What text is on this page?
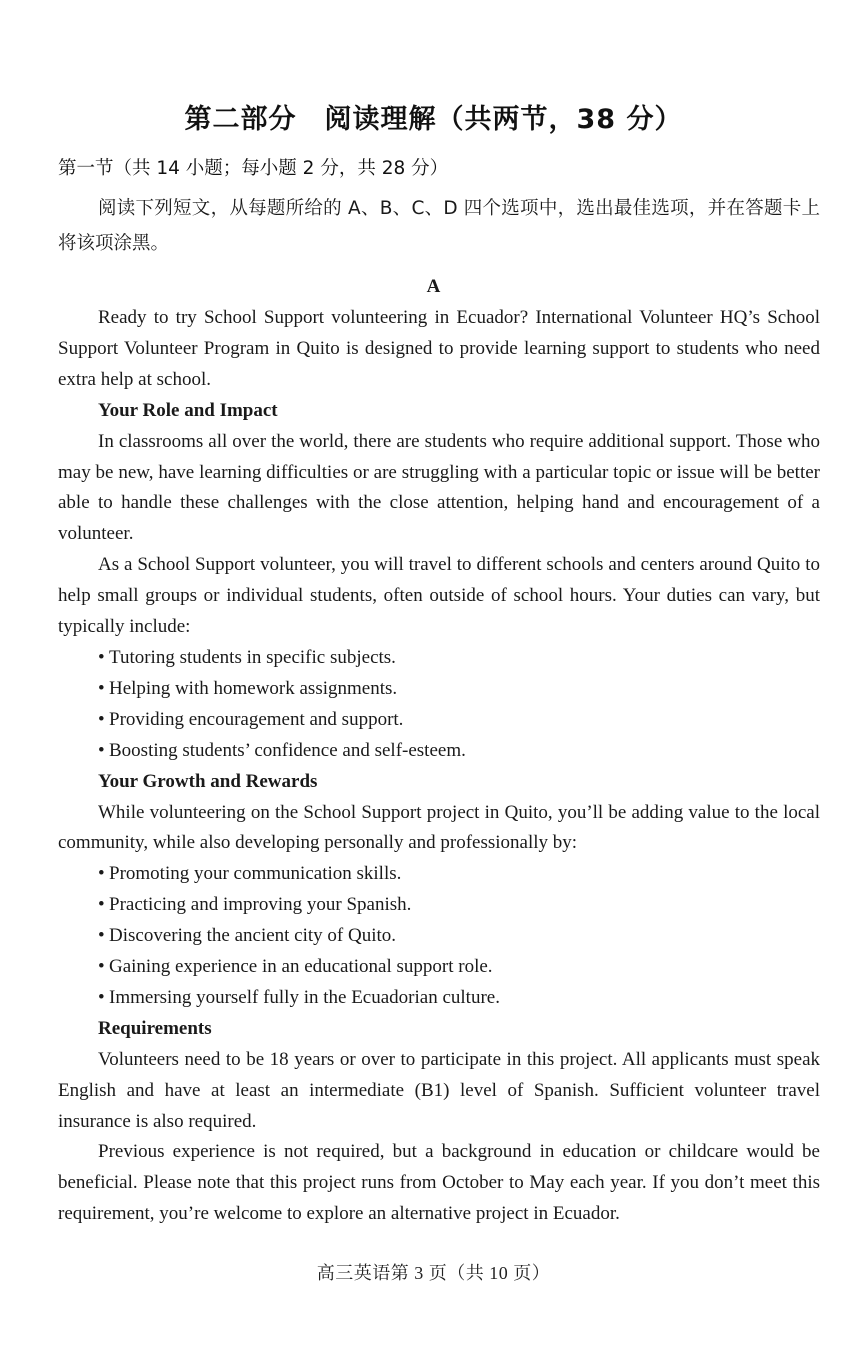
第二部分　阅读理解（共两节，38 分）
第一节（共 14 小题；每小题 2 分，共 28 分）

阅读下列短文，从每题所给的 A、B、C、D 四个选项中，选出最佳选项，并在答题卡上将该项涂黑。

A

Ready to try School Support volunteering in Ecuador? International Volunteer HQ’s School Support Volunteer Program in Quito is designed to provide learning support to students who need extra help at school.

Your Role and Impact

In classrooms all over the world, there are students who require additional support. Those who may be new, have learning difficulties or are struggling with a particular topic or issue will be better able to handle these challenges with the close attention, helping hand and encouragement of a volunteer.

As a School Support volunteer, you will travel to different schools and centers around Quito to help small groups or individual students, often outside of school hours. Your duties can vary, but typically include:

• Tutoring students in specific subjects.
• Helping with homework assignments.
• Providing encouragement and support.
• Boosting students’ confidence and self-esteem.
Your Growth and Rewards

While volunteering on the School Support project in Quito, you’ll be adding value to the local community, while also developing personally and professionally by:

• Promoting your communication skills.
• Practicing and improving your Spanish.
• Discovering the ancient city of Quito.
• Gaining experience in an educational support role.
• Immersing yourself fully in the Ecuadorian culture.
Requirements

Volunteers need to be 18 years or over to participate in this project. All applicants must speak English and have at least an intermediate (B1) level of Spanish. Sufficient volunteer travel insurance is also required.

Previous experience is not required, but a background in education or childcare would be beneficial. Please note that this project runs from October to May each year. If you don’t meet this requirement, you’re welcome to explore an alternative project in Ecuador.

高三英语第 3 页（共 10 页）
